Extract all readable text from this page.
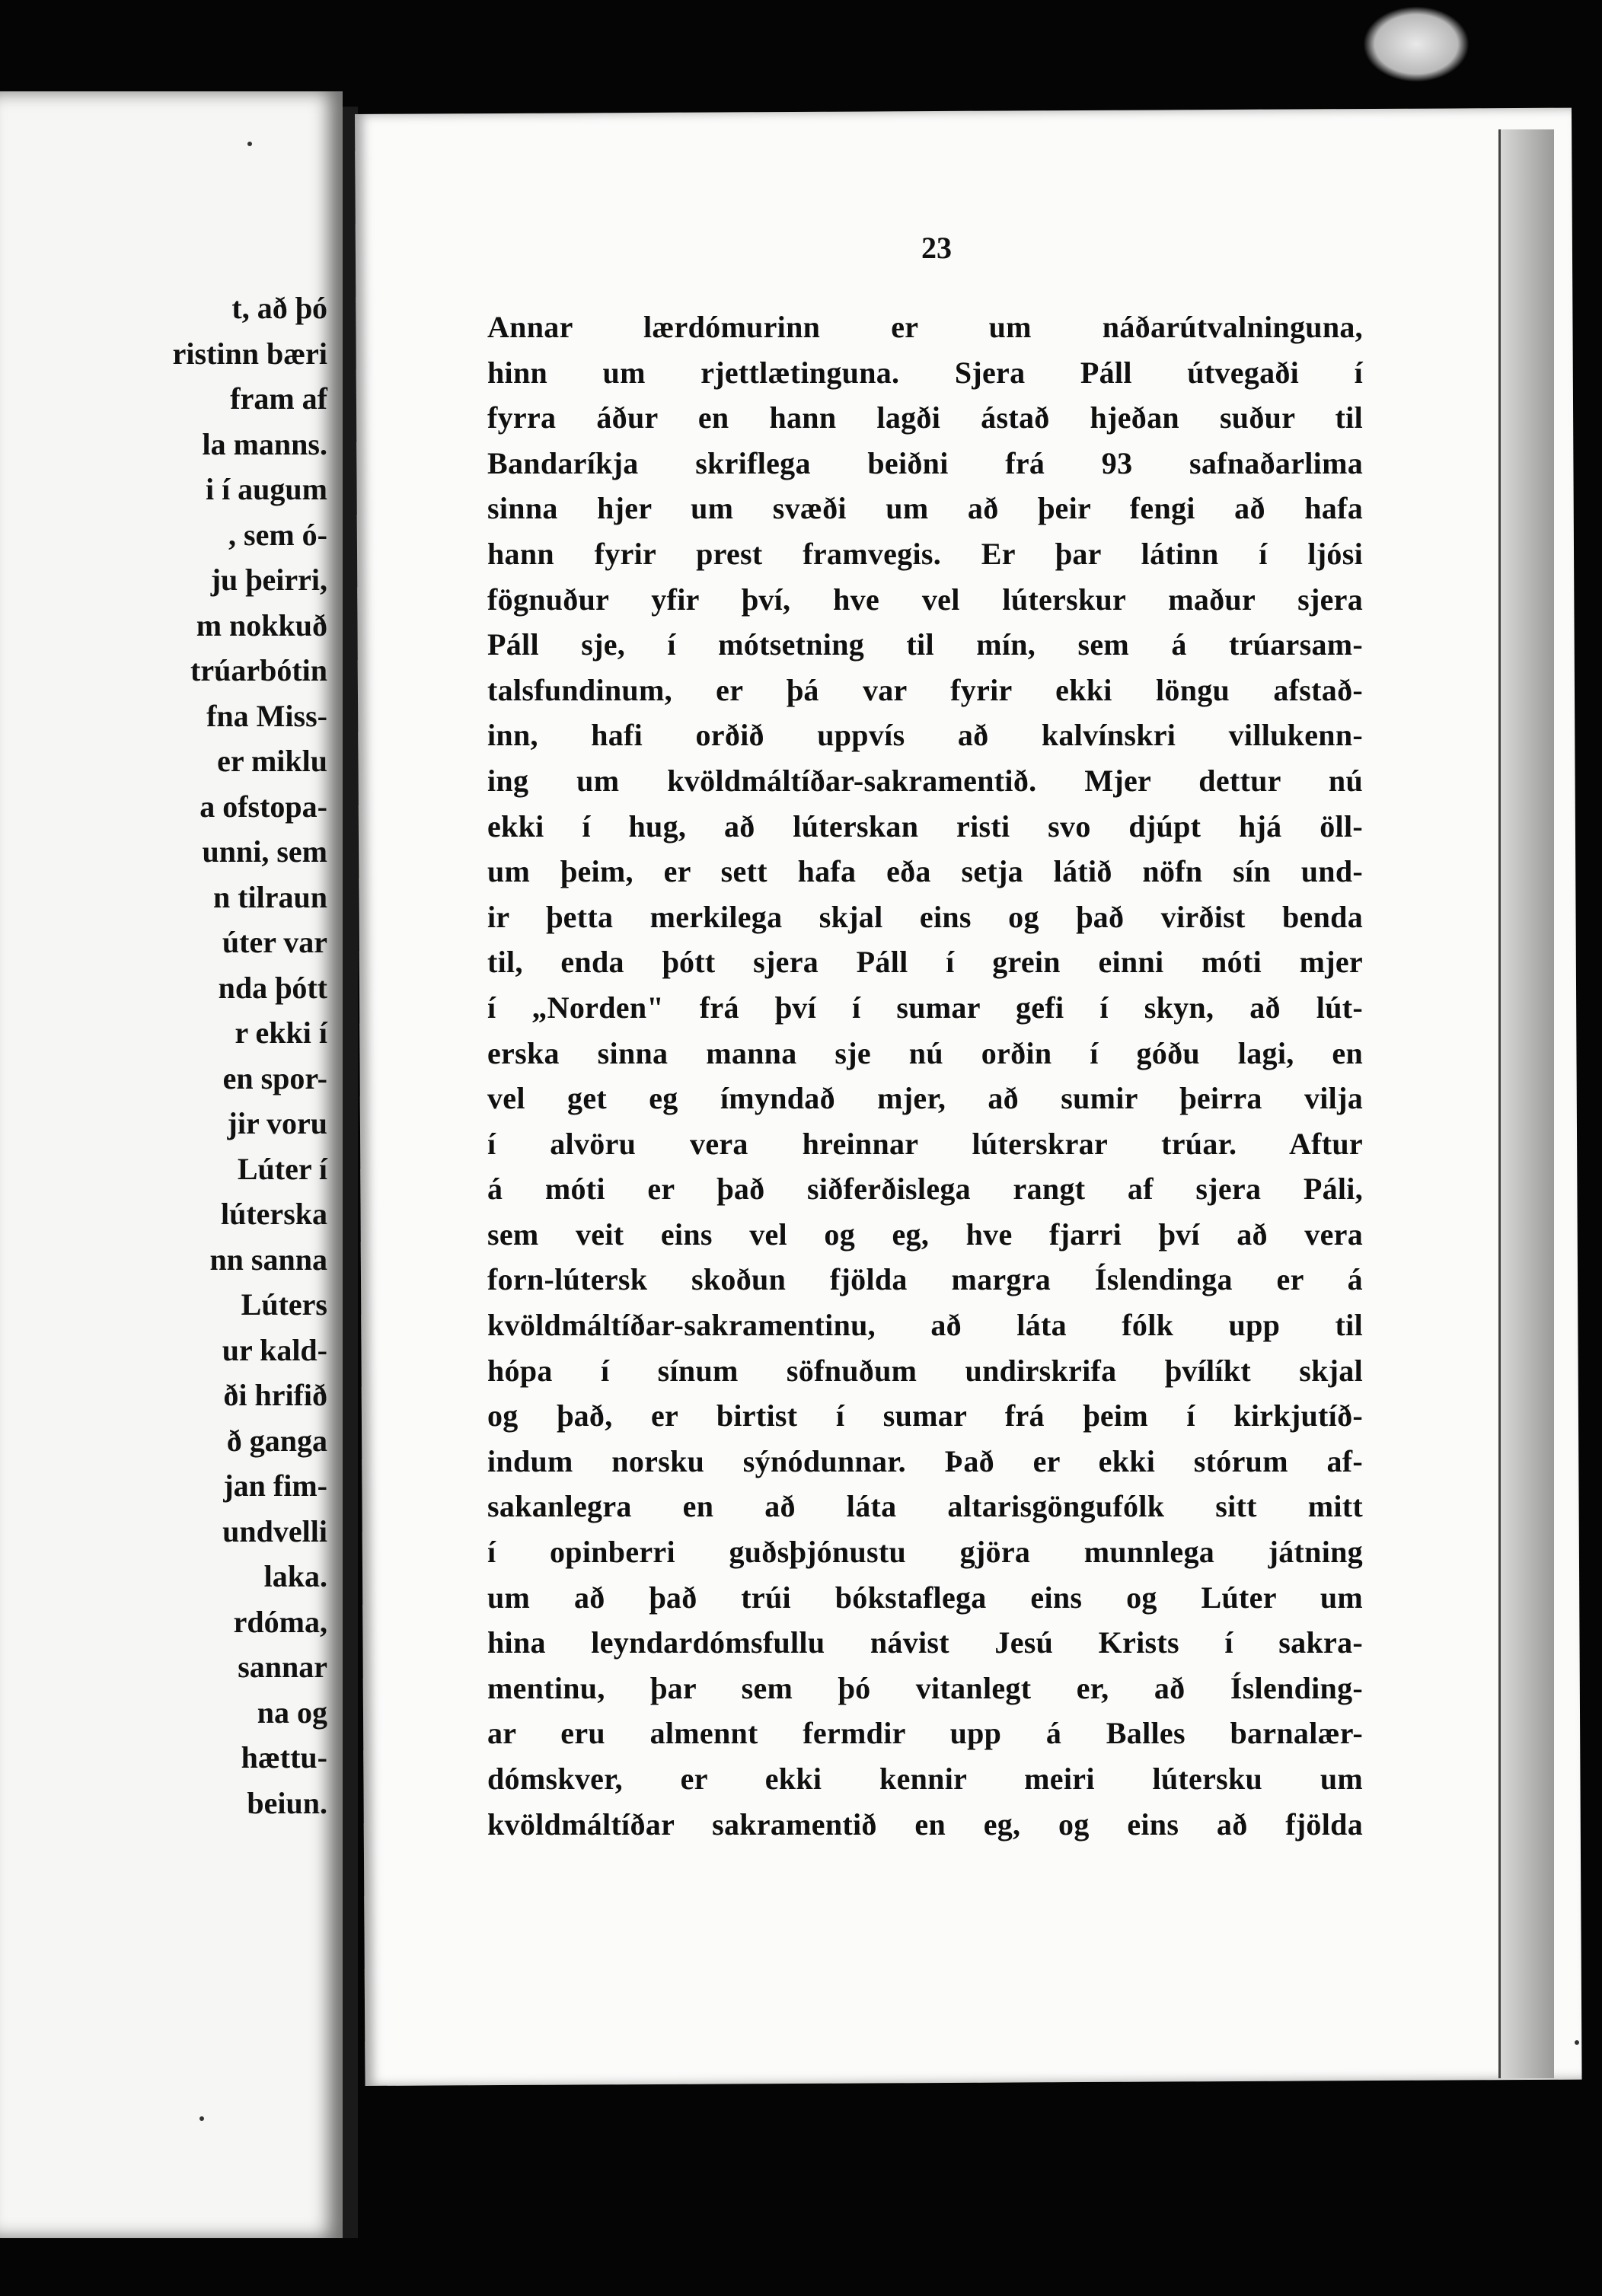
t, að þó
ristinn bæri
fram af
la manns.
i í augum
, sem ó-
ju þeirri,
m nokkuð
trúarbótin
fna Miss-
er miklu
a ofstopa-
unni, sem
n tilraun
úter var
nda þótt
r ekki í
en spor-
jir voru
Lúter í
lúterska
nn sanna
Lúters
ur kald-
ði hrifið
ð ganga
jan fim-
undvelli
laka.
rdóma,
sannar
na og
hættu-
beiun.
23
Annar lærdómurinn er um náðarútvalninguna,
hinn um rjettlætinguna. Sjera Páll útvegaði í
fyrra áður en hann lagði ástað hjeðan suður til
Bandaríkja skriflega beiðni frá 93 safnaðarlima
sinna hjer um svæði um að þeir fengi að hafa
hann fyrir prest framvegis. Er þar látinn í ljósi
fögnuður yfir því, hve vel lúterskur maður sjera
Páll sje, í mótsetning til mín, sem á trúarsam-
talsfundinum, er þá var fyrir ekki löngu afstað-
inn, hafi orðið uppvís að kalvínskri villukenn-
ing um kvöldmáltíðar-sakramentið. Mjer dettur nú
ekki í hug, að lúterskan risti svo djúpt hjá öll-
um þeim, er sett hafa eða setja látið nöfn sín und-
ir þetta merkilega skjal eins og það virðist benda
til, enda þótt sjera Páll í grein einni móti mjer
í „Norden" frá því í sumar gefi í skyn, að lút-
erska sinna manna sje nú orðin í góðu lagi, en
vel get eg ímyndað mjer, að sumir þeirra vilja
í alvöru vera hreinnar lúterskrar trúar. Aftur
á móti er það siðferðislega rangt af sjera Páli,
sem veit eins vel og eg, hve fjarri því að vera
forn-lútersk skoðun fjölda margra Íslendinga er á
kvöldmáltíðar-sakramentinu, að láta fólk upp til
hópa í sínum söfnuðum undirskrifa þvílíkt skjal
og það, er birtist í sumar frá þeim í kirkjutíð-
indum norsku sýnódunnar. Það er ekki stórum af-
sakanlegra en að láta altarisgöngufólk sitt mitt
í opinberri guðsþjónustu gjöra munnlega játning
um að það trúi bókstaflega eins og Lúter um
hina leyndardómsfullu návist Jesú Krists í sakra-
mentinu, þar sem þó vitanlegt er, að Íslending-
ar eru almennt fermdir upp á Balles barnalær-
dómskver, er ekki kennir meiri lútersku um
kvöldmáltíðar sakramentið en eg, og eins að fjölda
